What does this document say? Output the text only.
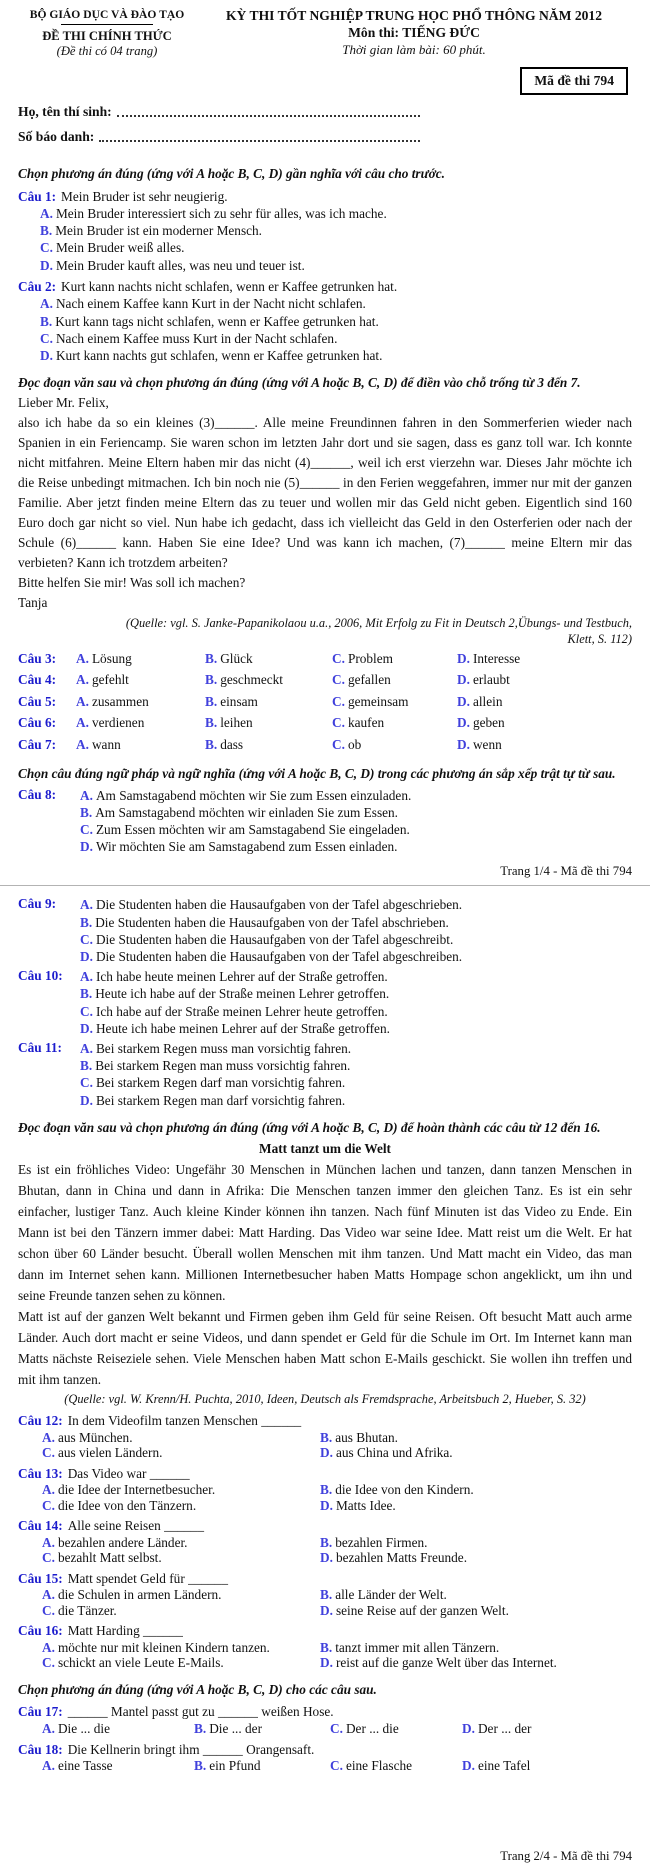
BỘ GIÁO DỤC VÀ ĐÀO TẠO
ĐỀ THI CHÍNH THỨC
(Đề thi có 04 trang)
KỲ THI TỐT NGHIỆP TRUNG HỌC PHỔ THÔNG NĂM 2012
Môn thi: TIẾNG ĐỨC
Thời gian làm bài: 60 phút.
Mã đề thi 794
Họ, tên thí sinh:
Số báo danh:
Chọn phương án đúng (ứng với A hoặc B, C, D) gần nghĩa với câu cho trước.
Câu 1: Mein Bruder ist sehr neugierig.
A. Mein Bruder interessiert sich zu sehr für alles, was ich mache.
B. Mein Bruder ist ein moderner Mensch.
C. Mein Bruder weiß alles.
D. Mein Bruder kauft alles, was neu und teuer ist.
Câu 2: Kurt kann nachts nicht schlafen, wenn er Kaffee getrunken hat.
A. Nach einem Kaffee kann Kurt in der Nacht nicht schlafen.
B. Kurt kann tags nicht schlafen, wenn er Kaffee getrunken hat.
C. Nach einem Kaffee muss Kurt in der Nacht schlafen.
D. Kurt kann nachts gut schlafen, wenn er Kaffee getrunken hat.
Đọc đoạn văn sau và chọn phương án đúng (ứng với A hoặc B, C, D) để điền vào chỗ trống từ 3 đến 7.
Lieber Mr. Felix,
also ich habe da so ein kleines (3)______. Alle meine Freundinnen fahren in den Sommerferien wieder nach Spanien in ein Feriencamp. Sie waren schon im letzten Jahr dort und sie sagen, dass es ganz toll war. Ich konnte nicht mitfahren. Meine Eltern haben mir das nicht (4)______, weil ich erst vierzehn war. Dieses Jahr möchte ich die Reise unbedingt mitmachen. Ich bin noch nie (5)______ in den Ferien weggefahren, immer nur mit der ganzen Familie. Aber jetzt finden meine Eltern das zu teuer und wollen mir das Geld nicht geben. Eigentlich sind 160 Euro doch gar nicht so viel. Nun habe ich gedacht, dass ich vielleicht das Geld in den Osterferien oder nach der Schule (6)______ kann. Haben Sie eine Idee? Und was kann ich machen, (7)______ meine Eltern mir das verbieten? Kann ich trotzdem arbeiten?
Bitte helfen Sie mir! Was soll ich machen?
Tanja
(Quelle: vgl. S. Janke-Papanikolaou u.a., 2006, Mit Erfolg zu Fit in Deutsch 2,Übungs- und Testbuch,
Klett, S. 112)
Câu 3:	A. Lösung	B. Glück	C. Problem	D. Interesse
Câu 4:	A. gefehlt	B. geschmeckt	C. gefallen	D. erlaubt
Câu 5:	A. zusammen	B. einsam	C. gemeinsam	D. allein
Câu 6:	A. verdienen	B. leihen	C. kaufen	D. geben
Câu 7:	A. wann	B. dass	C. ob	D. wenn
Chọn câu đúng ngữ pháp và ngữ nghĩa (ứng với A hoặc B, C, D) trong các phương án sắp xếp trật tự từ sau.
Câu 8:	A. Am Samstagabend möchten wir Sie zum Essen einzuladen.
B. Am Samstagabend möchten wir einladen Sie zum Essen.
C. Zum Essen möchten wir am Samstagabend Sie eingeladen.
D. Wir möchten Sie am Samstagabend zum Essen einladen.
Trang 1/4 - Mã đề thi 794
Câu 9:	A. Die Studenten haben die Hausaufgaben von der Tafel abgeschrieben.
B. Die Studenten haben die Hausaufgaben von der Tafel abschrieben.
C. Die Studenten haben die Hausaufgaben von der Tafel abgeschreibt.
D. Die Studenten haben die Hausaufgaben von der Tafel abgeschreiben.
Câu 10:	A. Ich habe heute meinen Lehrer auf der Straße getroffen.
B. Heute ich habe auf der Straße meinen Lehrer getroffen.
C. Ich habe auf der Straße meinen Lehrer heute getroffen.
D. Heute ich habe meinen Lehrer auf der Straße getroffen.
Câu 11:	A. Bei starkem Regen muss man vorsichtig fahren.
B. Bei starkem Regen man muss vorsichtig fahren.
C. Bei starkem Regen darf man vorsichtig fahren.
D. Bei starkem Regen man darf vorsichtig fahren.
Đọc đoạn văn sau và chọn phương án đúng (ứng với A hoặc B, C, D) để hoàn thành các câu từ 12 đến 16.
Matt tanzt um die Welt
Es ist ein fröhliches Video: Ungefähr 30 Menschen in München lachen und tanzen, dann tanzen Menschen in Bhutan, dann in China und dann in Afrika: Die Menschen tanzen immer den gleichen Tanz. Es ist ein sehr einfacher, lustiger Tanz. Auch kleine Kinder können ihn tanzen. Nach fünf Minuten ist das Video zu Ende. Ein Mann ist bei den Tänzern immer dabei: Matt Harding. Das Video war seine Idee. Matt reist um die Welt. Er hat schon über 60 Länder besucht. Überall wollen Menschen mit ihm tanzen. Und Matt macht ein Video, das man dann im Internet sehen kann. Millionen Internetbesucher haben Matts Hompage schon angeklickt, um ihn und seine Freunde tanzen sehen zu können.
Matt ist auf der ganzen Welt bekannt und Firmen geben ihm Geld für seine Reisen. Oft besucht Matt auch arme Länder. Auch dort macht er seine Videos, und dann spendet er Geld für die Schule im Ort. Im Internet kann man Matts nächste Reiseziele sehen. Viele Menschen haben Matt schon E-Mails geschickt. Sie wollen ihn treffen und mit ihm tanzen.
(Quelle: vgl. W. Krenn/H. Puchta, 2010, Ideen, Deutsch als Fremdsprache, Arbeitsbuch 2, Hueber, S. 32)
Câu 12: In dem Videofilm tanzen Menschen ______
A. aus München.	B. aus Bhutan.
C. aus vielen Ländern.	D. aus China und Afrika.
Câu 13: Das Video war ______
A. die Idee der Internetbesucher.	B. die Idee von den Kindern.
C. die Idee von den Tänzern.	D. Matts Idee.
Câu 14: Alle seine Reisen ______
A. bezahlen andere Länder.	B. bezahlen Firmen.
C. bezahlt Matt selbst.	D. bezahlen Matts Freunde.
Câu 15: Matt spendet Geld für ______
A. die Schulen in armen Ländern.	B. alle Länder der Welt.
C. die Tänzer.	D. seine Reise auf der ganzen Welt.
Câu 16: Matt Harding ______
A. möchte nur mit kleinen Kindern tanzen.	B. tanzt immer mit allen Tänzern.
C. schickt an viele Leute E-Mails.	D. reist auf die ganze Welt über das Internet.
Chọn phương án đúng (ứng với A hoặc B, C, D) cho các câu sau.
Câu 17: ______ Mantel passt gut zu ______ weißen Hose.
A. Die ... die	B. Die ... der	C. Der ... die	D. Der ... der
Câu 18: Die Kellnerin bringt ihm ______ Orangensaft.
A. eine Tasse	B. ein Pfund	C. eine Flasche	D. eine Tafel
Trang 2/4 - Mã đề thi 794
